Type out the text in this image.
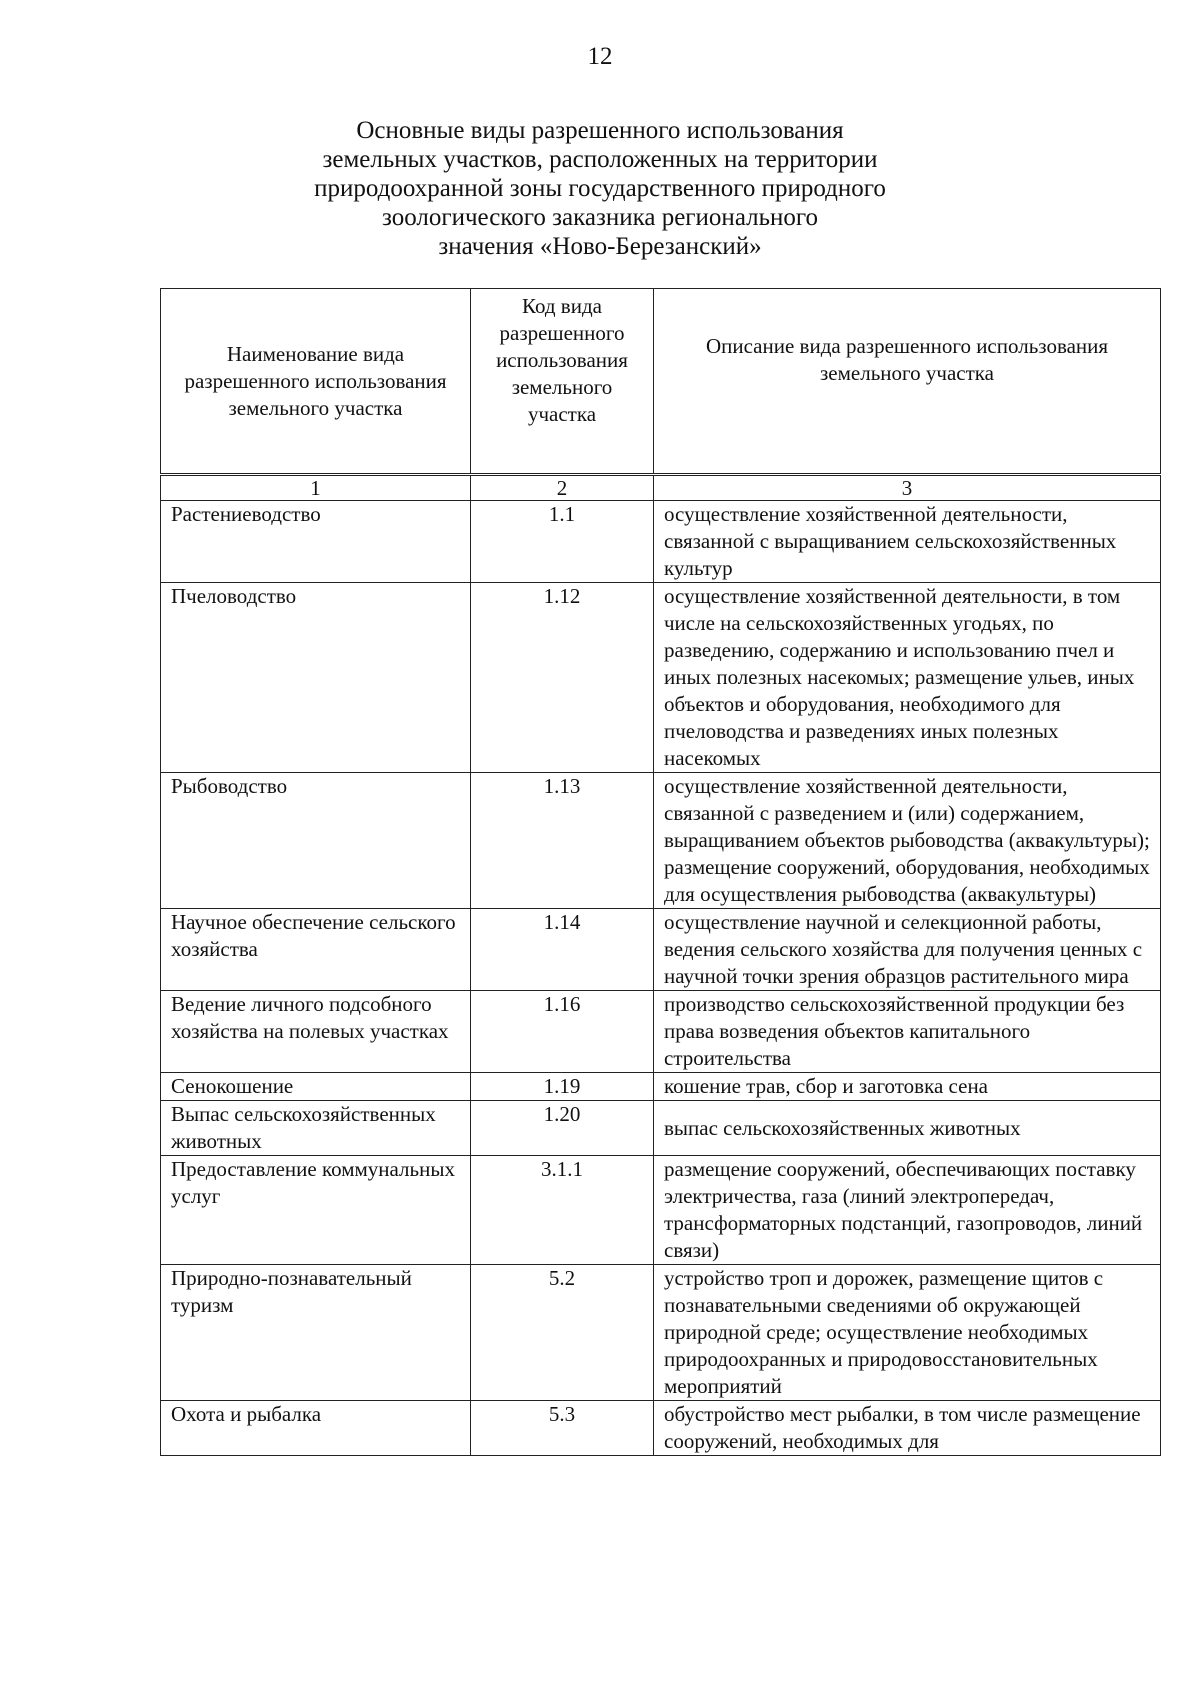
12
Основные виды разрешенного использования
земельных участков, расположенных на территории
природоохранной зоны государственного природного
зоологического заказника регионального
значения «Ново-Березанский»
Наименование вида разрешенного использования земельного участка	Код вида разрешенного использования земельного участка	Описание вида разрешенного использования земельного участка
1	2	3
Растениеводство	1.1	осуществление хозяйственной деятельности, связанной с выращиванием сельскохозяйственных культур
Пчеловодство	1.12	осуществление хозяйственной деятельности, в том числе на сельскохозяйственных угодьях, по разведению, содержанию и использованию пчел и иных полезных насекомых; размещение ульев, иных объектов и оборудования, необходимого для пчеловодства и разведениях иных полезных насекомых
Рыбоводство	1.13	осуществление хозяйственной деятельности, связанной с разведением и (или) содержанием, выращиванием объектов рыбоводства (аквакультуры); размещение сооружений, оборудования, необходимых для осуществления рыбоводства (аквакультуры)
Научное обеспечение сельского хозяйства	1.14	осуществление научной и селекционной работы, ведения сельского хозяйства для получения ценных с научной точки зрения образцов растительного мира
Ведение личного подсобного хозяйства на полевых участках	1.16	производство сельскохозяйственной продукции без права возведения объектов капитального строительства
Сенокошение	1.19	кошение трав, сбор и заготовка сена
Выпас сельскохозяйственных животных	1.20	выпас сельскохозяйственных животных
Предоставление коммунальных услуг	3.1.1	размещение сооружений, обеспечивающих поставку электричества, газа (линий электропередач, трансформаторных подстанций, газопроводов, линий связи)
Природно-познавательный туризм	5.2	устройство троп и дорожек, размещение щитов с познавательными сведениями об окружающей природной среде; осуществление необходимых природоохранных и природовосстановительных мероприятий
Охота и рыбалка	5.3	обустройство мест рыбалки, в том числе размещение сооружений, необходимых для
